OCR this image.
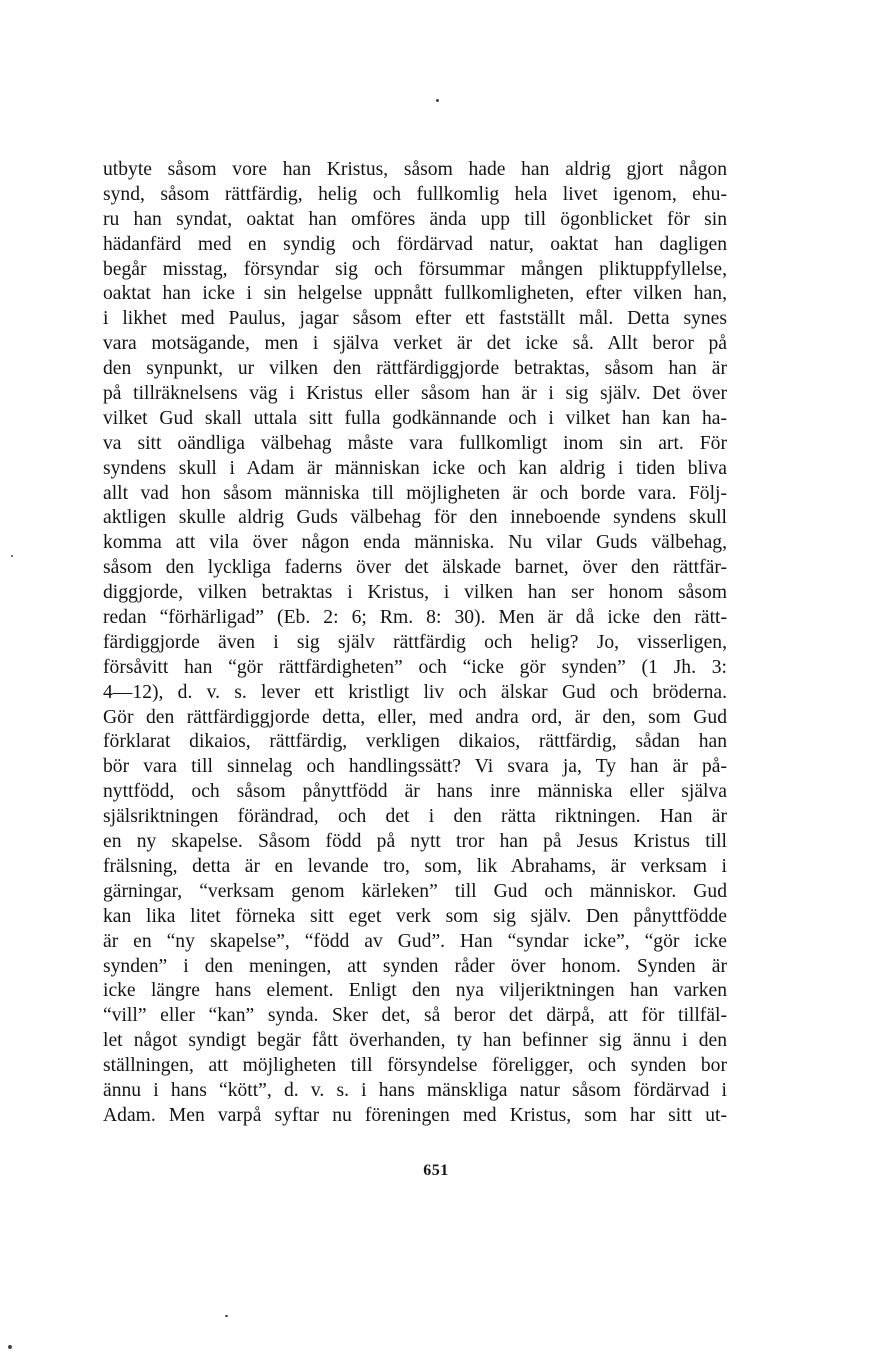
utbyte såsom vore han Kristus, såsom hade han aldrig gjort någon
synd, såsom rättfärdig, helig och fullkomlig hela livet igenom, ehu-
ru han syndat, oaktat han omföres ända upp till ögonblicket för sin
hädanfärd med en syndig och fördärvad natur, oaktat han dagligen
begår misstag, försyndar sig och försummar mången pliktuppfyllelse,
oaktat han icke i sin helgelse uppnått fullkomligheten, efter vilken han,
i likhet med Paulus, jagar såsom efter ett fastställt mål. Detta synes
vara motsägande, men i själva verket är det icke så. Allt beror på
den synpunkt, ur vilken den rättfärdiggjorde betraktas, såsom han är
på tillräknelsens väg i Kristus eller såsom han är i sig själv. Det över
vilket Gud skall uttala sitt fulla godkännande och i vilket han kan ha-
va sitt oändliga välbehag måste vara fullkomligt inom sin art. För
syndens skull i Adam är människan icke och kan aldrig i tiden bliva
allt vad hon såsom människa till möjligheten är och borde vara. Följ-
aktligen skulle aldrig Guds välbehag för den inneboende syndens skull
komma att vila över någon enda människa. Nu vilar Guds välbehag,
såsom den lyckliga faderns över det älskade barnet, över den rättfär-
diggjorde, vilken betraktas i Kristus, i vilken han ser honom såsom
redan “förhärligad” (Eb. 2: 6; Rm. 8: 30). Men är då icke den rätt-
färdiggjorde även i sig själv rättfärdig och helig? Jo, visserligen,
försåvitt han “gör rättfärdigheten” och “icke gör synden” (1 Jh. 3:
4—12), d. v. s. lever ett kristligt liv och älskar Gud och bröderna.
Gör den rättfärdiggjorde detta, eller, med andra ord, är den, som Gud
förklarat dikaios, rättfärdig, verkligen dikaios, rättfärdig, sådan han
bör vara till sinnelag och handlingssätt? Vi svara ja, Ty han är på-
nyttfödd, och såsom pånyttfödd är hans inre människa eller själva
själsriktningen förändrad, och det i den rätta riktningen. Han är
en ny skapelse. Såsom född på nytt tror han på Jesus Kristus till
frälsning, detta är en levande tro, som, lik Abrahams, är verksam i
gärningar, “verksam genom kärleken” till Gud och människor. Gud
kan lika litet förneka sitt eget verk som sig själv. Den pånyttfödde
är en “ny skapelse”, “född av Gud”. Han “syndar icke”, “gör icke
synden” i den meningen, att synden råder över honom. Synden är
icke längre hans element. Enligt den nya viljeriktningen han varken
“vill” eller “kan” synda. Sker det, så beror det därpå, att för tillfäl-
let något syndigt begär fått överhanden, ty han befinner sig ännu i den
ställningen, att möjligheten till försyndelse föreligger, och synden bor
ännu i hans “kött”, d. v. s. i hans mänskliga natur såsom fördärvad i
Adam. Men varpå syftar nu föreningen med Kristus, som har sitt ut-
651
